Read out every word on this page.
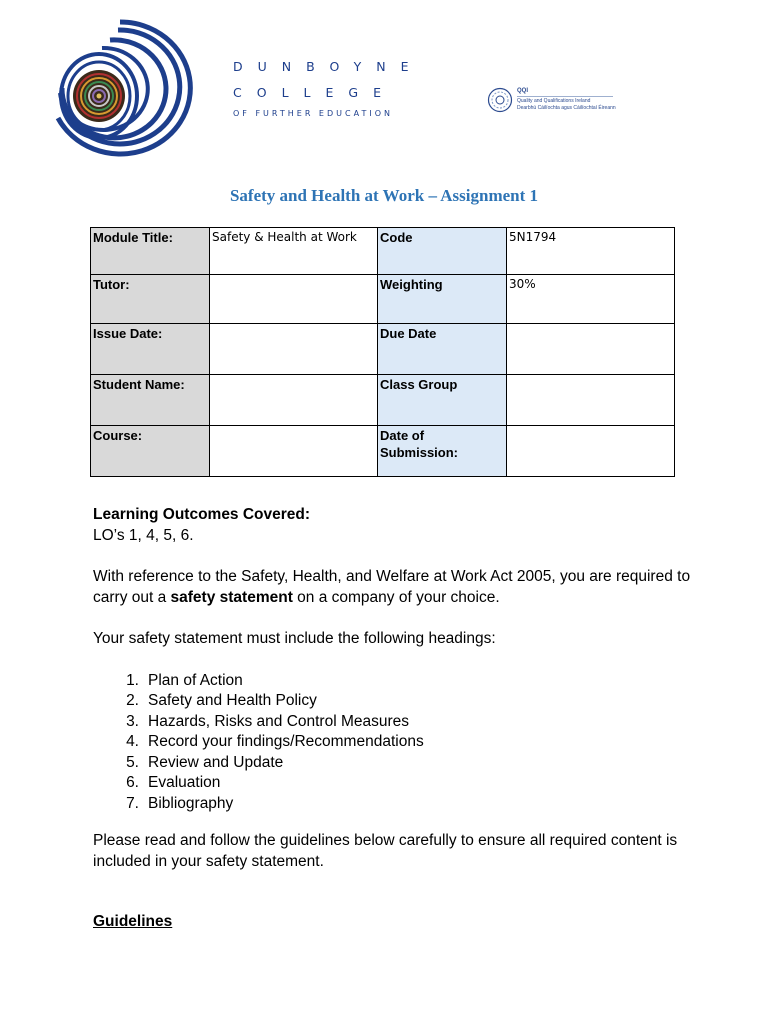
DUNBOYNE
COLLEGE
OF FURTHER EDUCATION
QQI
Quality and Qualifications Ireland
Dearbhú Cáilíochta agus Cáilíochtaí Éireann
Safety and Health at Work – Assignment 1
Module Title:	Safety & Health at Work	Code	5N1794
Tutor:		Weighting	30%
Issue Date:		Due Date	
Student Name:		Class Group	
Course:		Date of Submission:	

Learning Outcomes Covered:

LO’s 1, 4, 5, 6.

With reference to the Safety, Health, and Welfare at Work Act 2005, you are required to carry out a safety statement on a company of your choice.

Your safety statement must include the following headings:

1. Plan of Action
2. Safety and Health Policy
3. Hazards, Risks and Control Measures
4. Record your findings/Recommendations
5. Review and Update
6. Evaluation
7. Bibliography

Please read and follow the guidelines below carefully to ensure all required content is included in your safety statement.

Guidelines
